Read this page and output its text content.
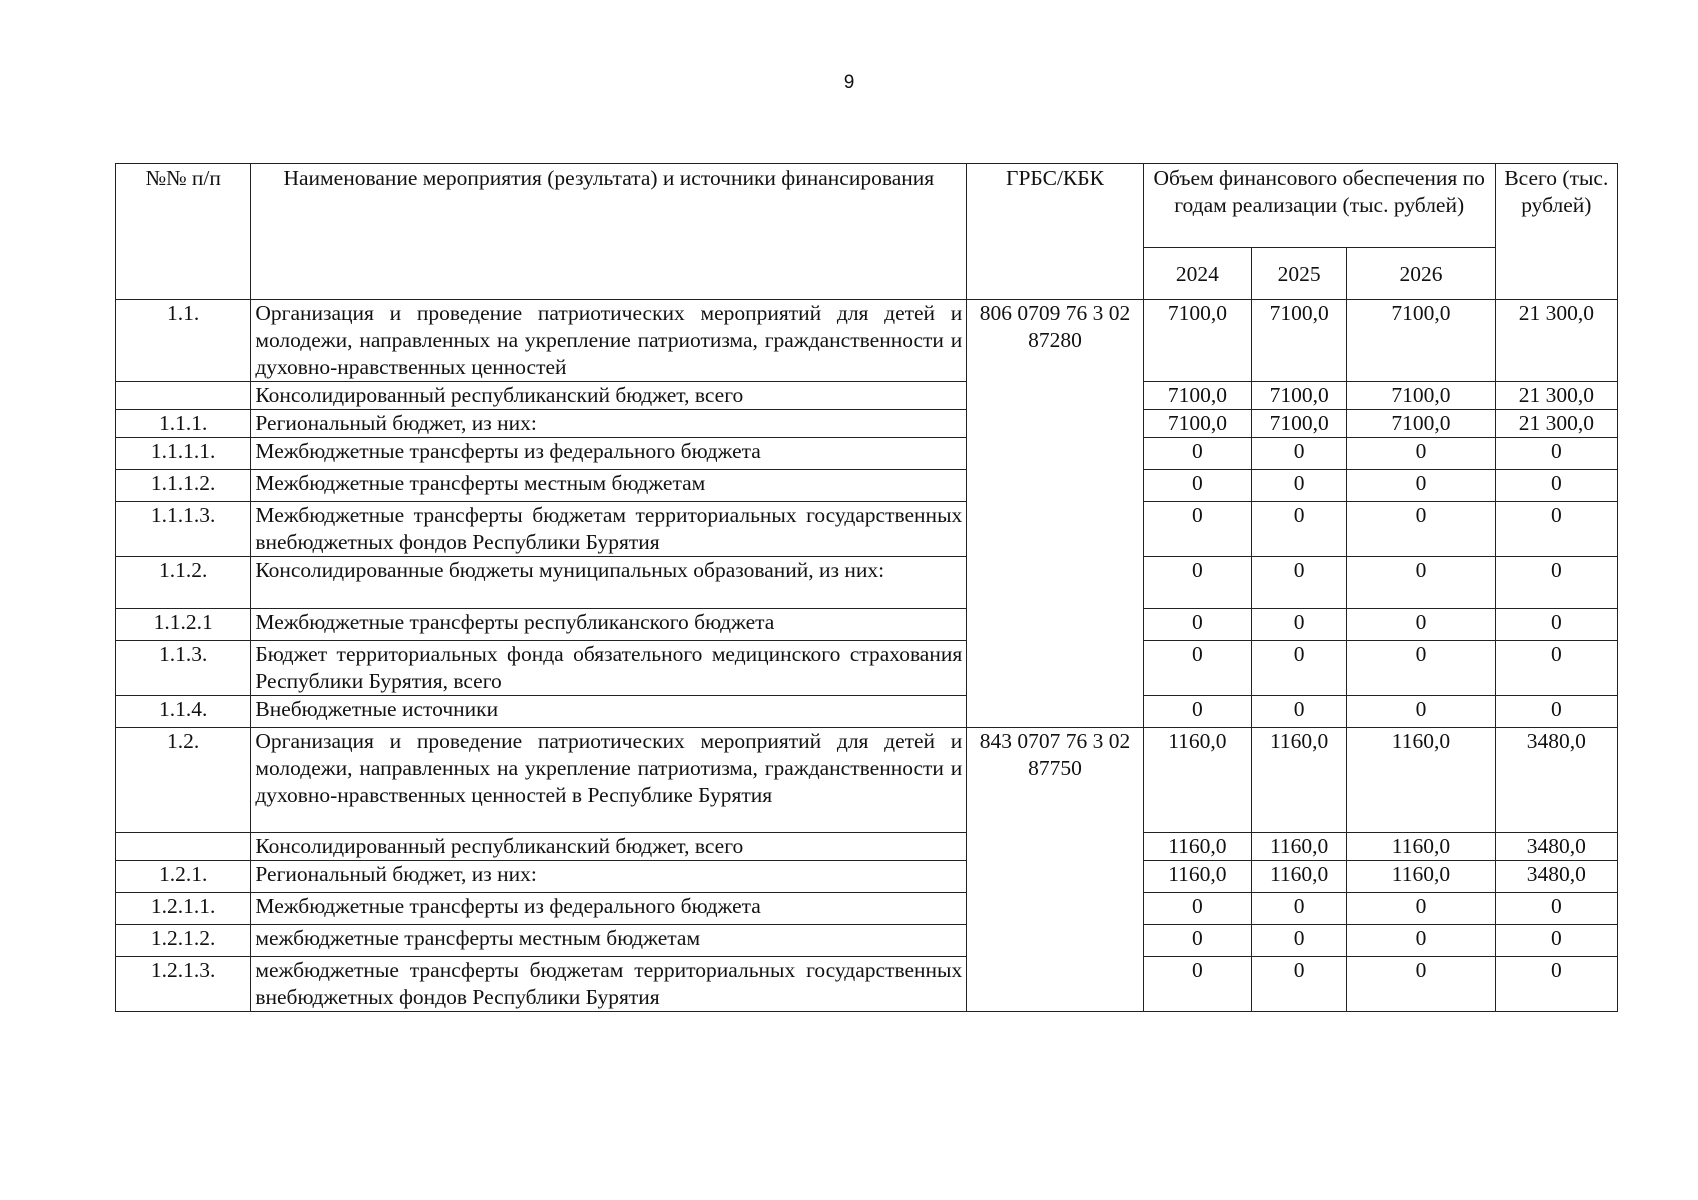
9
№№ п/п	Наименование мероприятия (результата) и источники финансирования	ГРБС/КБК	Объем финансового обеспечения по годам реализации (тыс. рублей)			Всего (тыс. рублей)
			2024	2025	2026	
1.1.	Организация и проведение патриотических мероприятий для детей и молодежи, направленных на укрепление патриотизма, гражданственности и духовно-нравственных ценностей	806 0709 76 3 02 87280	7100,0	7100,0	7100,0	21 300,0
	Консолидированный республиканский бюджет, всего		7100,0	7100,0	7100,0	21 300,0
1.1.1.	Региональный бюджет, из них:		7100,0	7100,0	7100,0	21 300,0
1.1.1.1.	Межбюджетные трансферты из федерального бюджета		0	0	0	0
1.1.1.2.	Межбюджетные трансферты местным бюджетам		0	0	0	0
1.1.1.3.	Межбюджетные трансферты бюджетам территориальных государственных внебюджетных фондов Республики Бурятия		0	0	0	0
1.1.2.	Консолидированные бюджеты муниципальных образований, из них:		0	0	0	0
1.1.2.1	Межбюджетные трансферты республиканского бюджета		0	0	0	0
1.1.3.	Бюджет территориальных фонда обязательного медицинского страхования Республики Бурятия, всего		0	0	0	0
1.1.4.	Внебюджетные источники		0	0	0	0
1.2.	Организация и проведение патриотических мероприятий для детей и молодежи, направленных на укрепление патриотизма, гражданственности и духовно-нравственных ценностей в Республике Бурятия	843 0707 76 3 02 87750	1160,0	1160,0	1160,0	3480,0
	Консолидированный республиканский бюджет, всего		1160,0	1160,0	1160,0	3480,0
1.2.1.	Региональный бюджет, из них:		1160,0	1160,0	1160,0	3480,0
1.2.1.1.	Межбюджетные трансферты из федерального бюджета		0	0	0	0
1.2.1.2.	межбюджетные трансферты местным бюджетам		0	0	0	0
1.2.1.3.	межбюджетные трансферты бюджетам территориальных государственных внебюджетных фондов Республики Бурятия		0	0	0	0
